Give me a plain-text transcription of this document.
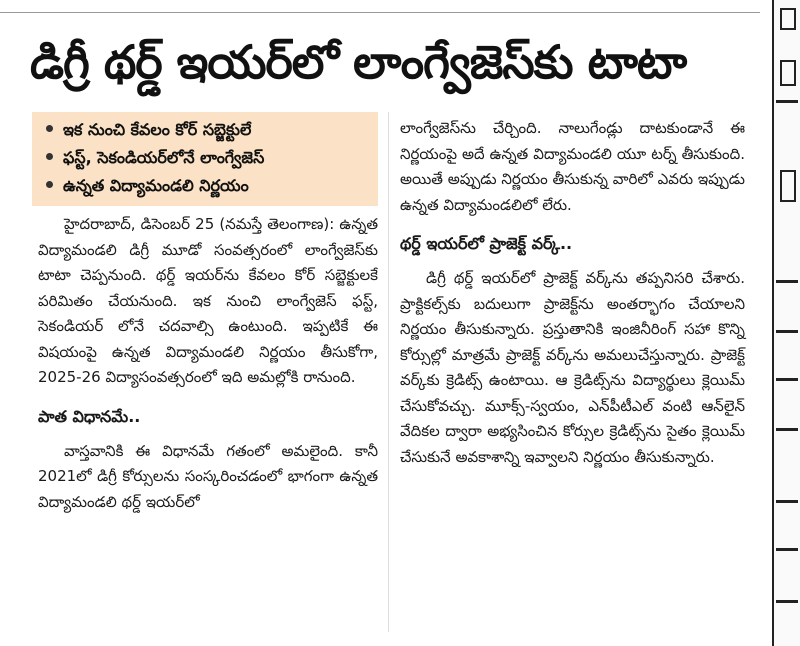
డిగ్రీ థర్డ్ ఇయర్‌లో లాంగ్వేజెస్‌కు టాటా
ఇక నుంచి కేవలం కోర్ సబ్జెక్టులే
ఫస్ట్, సెకండియర్‌లోనే లాంగ్వేజెస్
ఉన్నత విద్యామండలి నిర్ణయం

హైదరాబాద్, డిసెంబర్ 25 (నమస్తే తెలంగాణ): ఉన్నత విద్యామండలి డిగ్రీ మూడో సంవత్సరంలో లాంగ్వేజెస్‌కు టాటా చెప్పనుంది. థర్డ్ ఇయర్‌ను కేవలం కోర్ సబ్జెక్టులకే పరిమితం చేయనుంది. ఇక నుంచి లాంగ్వేజెస్ ఫస్ట్, సెకండియర్ లోనే చదవాల్సి ఉంటుంది. ఇప్పటికే ఈ విషయంపై ఉన్నత విద్యామండలి నిర్ణయం తీసుకోగా, 2025-26 విద్యాసంవత్సరంలో ఇది అమల్లోకి రానుంది.

పాత విధానమే..

వాస్తవానికి ఈ విధానమే గతంలో అమలైంది. కానీ 2021లో డిగ్రీ కోర్సులను సంస్కరించడంలో భాగంగా ఉన్నత విద్యామండలి థర్డ్ ఇయర్‌లో

లాంగ్వేజెస్‌ను చేర్చింది. నాలుగేండ్లు దాటకుండానే ఈ నిర్ణయంపై అదే ఉన్నత విద్యామండలి యూ టర్న్ తీసుకుంది. అయితే అప్పుడు నిర్ణయం తీసుకున్న వారిలో ఎవరు ఇప్పుడు ఉన్నత విద్యామండలిలో లేరు.

థర్డ్ ఇయర్‌లో ప్రాజెక్ట్ వర్క్..

డిగ్రీ థర్డ్ ఇయర్‌లో ప్రాజెక్ట్ వర్క్‌ను తప్పనిసరి చేశారు. ప్రాక్టికల్స్‌కు బదులుగా ప్రాజెక్ట్‌ను అంతర్భాగం చేయాలని నిర్ణయం తీసుకున్నారు. ప్రస్తుతానికి ఇంజినీరింగ్ సహా కొన్ని కోర్సుల్లో మాత్రమే ప్రాజెక్ట్ వర్క్‌ను అమలుచేస్తున్నారు. ప్రాజెక్ట్ వర్క్‌కు క్రెడిట్స్ ఉంటాయి. ఆ క్రెడిట్స్‌ను విద్యార్థులు క్లెయిమ్ చేసుకోవచ్చు. మూక్స్-స్వయం, ఎన్‌పీటీఎల్ వంటి ఆన్‌లైన్ వేదికల ద్వారా అభ్యసించిన కోర్సుల క్రెడిట్స్‌ను సైతం క్లెయిమ్ చేసుకునే అవకాశాన్ని ఇవ్వాలని నిర్ణయం తీసుకున్నారు.
